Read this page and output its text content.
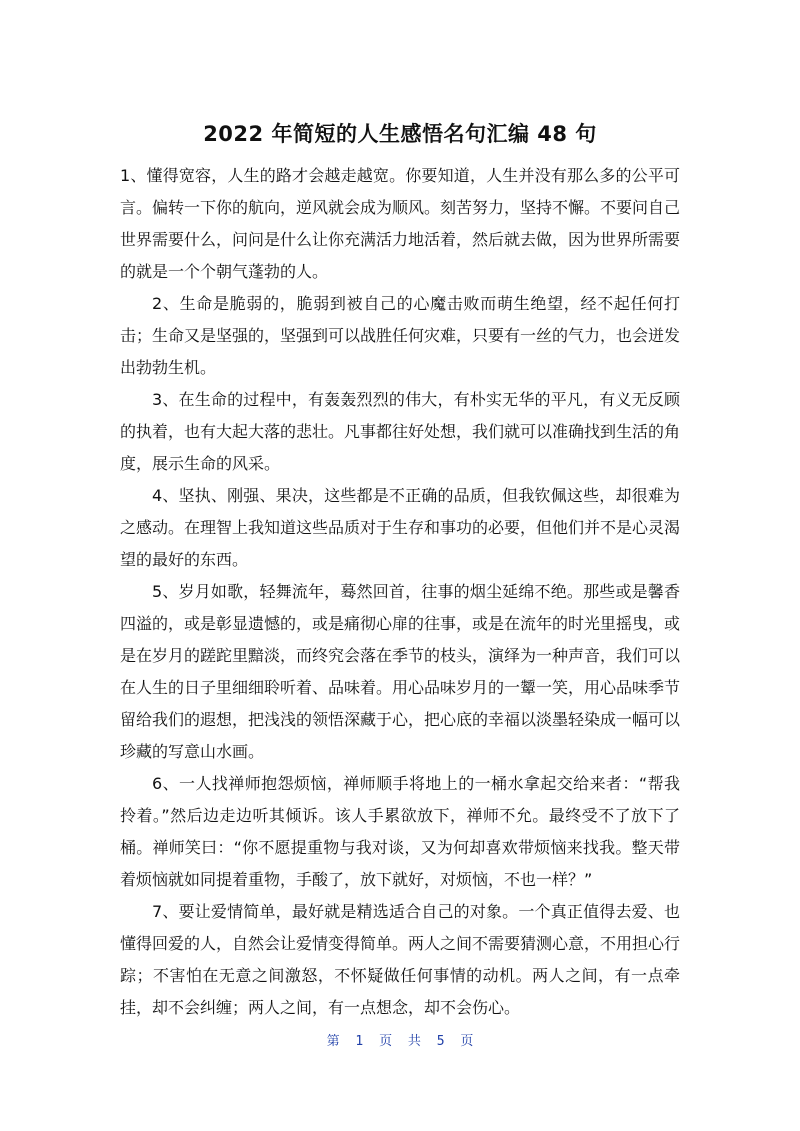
2022 年简短的人生感悟名句汇编 48 句

1、懂得宽容，人生的路才会越走越宽。你要知道，人生并没有那么多的公平可言。偏转一下你的航向，逆风就会成为顺风。刻苦努力，坚持不懈。不要问自己世界需要什么，问问是什么让你充满活力地活着，然后就去做，因为世界所需要的就是一个个朝气蓬勃的人。

2、生命是脆弱的，脆弱到被自己的心魔击败而萌生绝望，经不起任何打击；生命又是坚强的，坚强到可以战胜任何灾难，只要有一丝的气力，也会迸发出勃勃生机。

3、在生命的过程中，有轰轰烈烈的伟大，有朴实无华的平凡，有义无反顾的执着，也有大起大落的悲壮。凡事都往好处想，我们就可以准确找到生活的角度，展示生命的风采。

4、坚执、刚强、果决，这些都是不正确的品质，但我钦佩这些，却很难为之感动。在理智上我知道这些品质对于生存和事功的必要，但他们并不是心灵渴望的最好的东西。

5、岁月如歌，轻舞流年，蓦然回首，往事的烟尘延绵不绝。那些或是馨香四溢的，或是彰显遗憾的，或是痛彻心扉的往事，或是在流年的时光里摇曳，或是在岁月的蹉跎里黯淡，而终究会落在季节的枝头，演绎为一种声音，我们可以在人生的日子里细细聆听着、品味着。用心品味岁月的一颦一笑，用心品味季节留给我们的遐想，把浅浅的领悟深藏于心，把心底的幸福以淡墨轻染成一幅可以珍藏的写意山水画。

6、一人找禅师抱怨烦恼，禅师顺手将地上的一桶水拿起交给来者：“帮我拎着。”然后边走边听其倾诉。该人手累欲放下，禅师不允。最终受不了放下了桶。禅师笑曰：“你不愿提重物与我对谈，又为何却喜欢带烦恼来找我。整天带着烦恼就如同提着重物，手酸了，放下就好，对烦恼，不也一样？”

7、要让爱情简单，最好就是精选适合自己的对象。一个真正值得去爱、也懂得回爱的人，自然会让爱情变得简单。两人之间不需要猜测心意，不用担心行踪；不害怕在无意之间激怒，不怀疑做任何事情的动机。两人之间，有一点牵挂，却不会纠缠；两人之间，有一点想念，却不会伤心。

第 1 页 共 5 页
